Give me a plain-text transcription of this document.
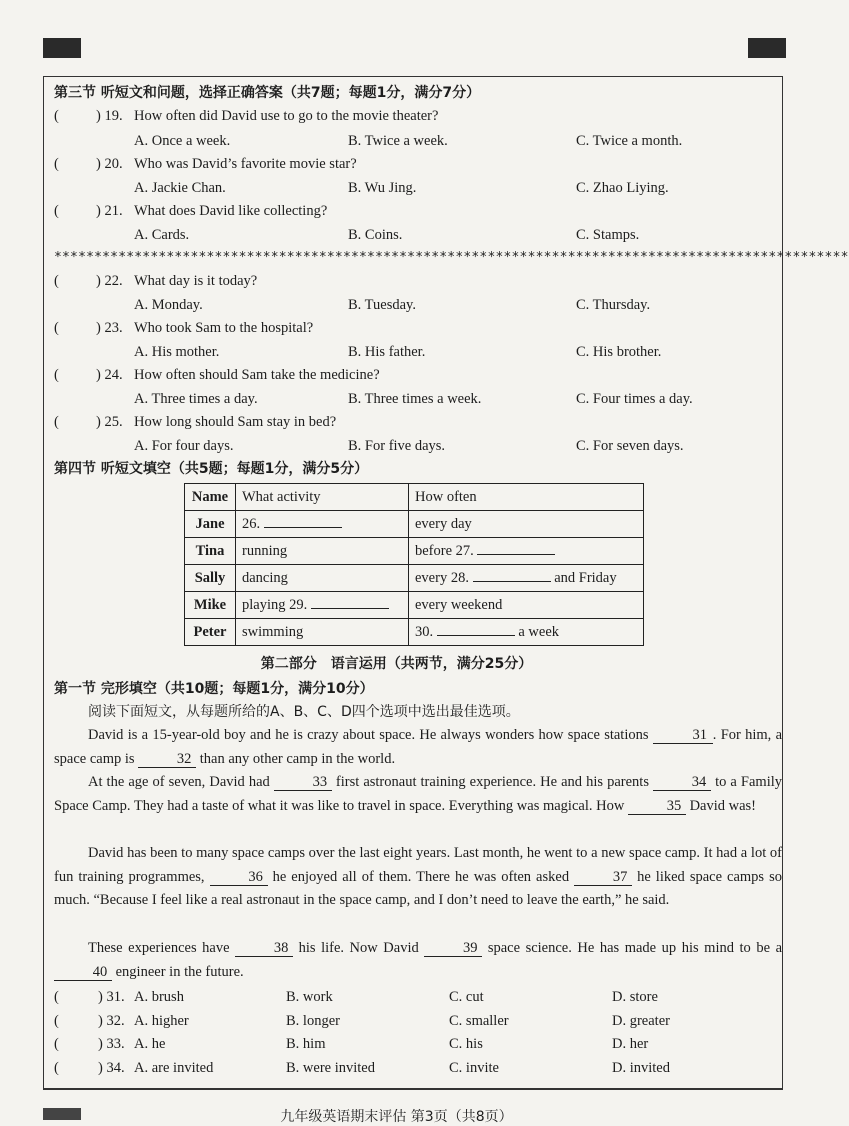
第三节 听短文和问题，选择正确答案（共7题；每题1分，满分7分）
( ) 19. How often did David use to go to the movie theater?
A. Once a week.	B. Twice a week.	C. Twice a month.
( ) 20. Who was David’s favorite movie star?
A. Jackie Chan.	B. Wu Jing.	C. Zhao Liying.
( ) 21. What does David like collecting?
A. Cards.	B. Coins.	C. Stamps.
***************************************************************************************************
( ) 22. What day is it today?
A. Monday.	B. Tuesday.	C. Thursday.
( ) 23. Who took Sam to the hospital?
A. His mother.	B. His father.	C. His brother.
( ) 24. How often should Sam take the medicine?
A. Three times a day.	B. Three times a week.	C. Four times a day.
( ) 25. How long should Sam stay in bed?
A. For four days.	B. For five days.	C. For seven days.
第四节 听短文填空（共5题；每题1分，满分5分）
Name	What activity	How often
Jane	26.	every day
Tina	running	before 27.
Sally	dancing	every 28. and Friday
Mike	playing 29.	every weekend
Peter	swimming	30. a week
第二部分　语言运用（共两节，满分25分）
第一节 完形填空（共10题；每题1分，满分10分）
阅读下面短文，从每题所给的A、B、C、D四个选项中选出最佳选项。
David is a 15-year-old boy and he is crazy about space. He always wonders how space stations	31 . For him, a space camp is	32 than any other camp in the world.
At the age of seven, David had	33 first astronaut training experience. He and his parents	34 to a Family Space Camp. They had a taste of what it was like to travel in space. Everything was magical. How	35 David was!
David has been to many space camps over the last eight years. Last month, he went to a new space camp. It had a lot of fun training programmes,	36 he enjoyed all of them. There he was often asked	37 he liked space camps so much. “Because I feel like a real astronaut in the space camp, and I don’t need to leave the earth,” he said.
These experiences have	38 his life. Now David	39 space science. He has made up his mind to be a 40 engineer in the future.
( ) 31. A. brush	B. work	C. cut	D. store
( ) 32. A. higher	B. longer	C. smaller	D. greater
( ) 33. A. he	B. him	C. his	D. her
( ) 34. A. are invited	B. were invited	C. invite	D. invited
九年级英语期末评估 第3页（共8页）
